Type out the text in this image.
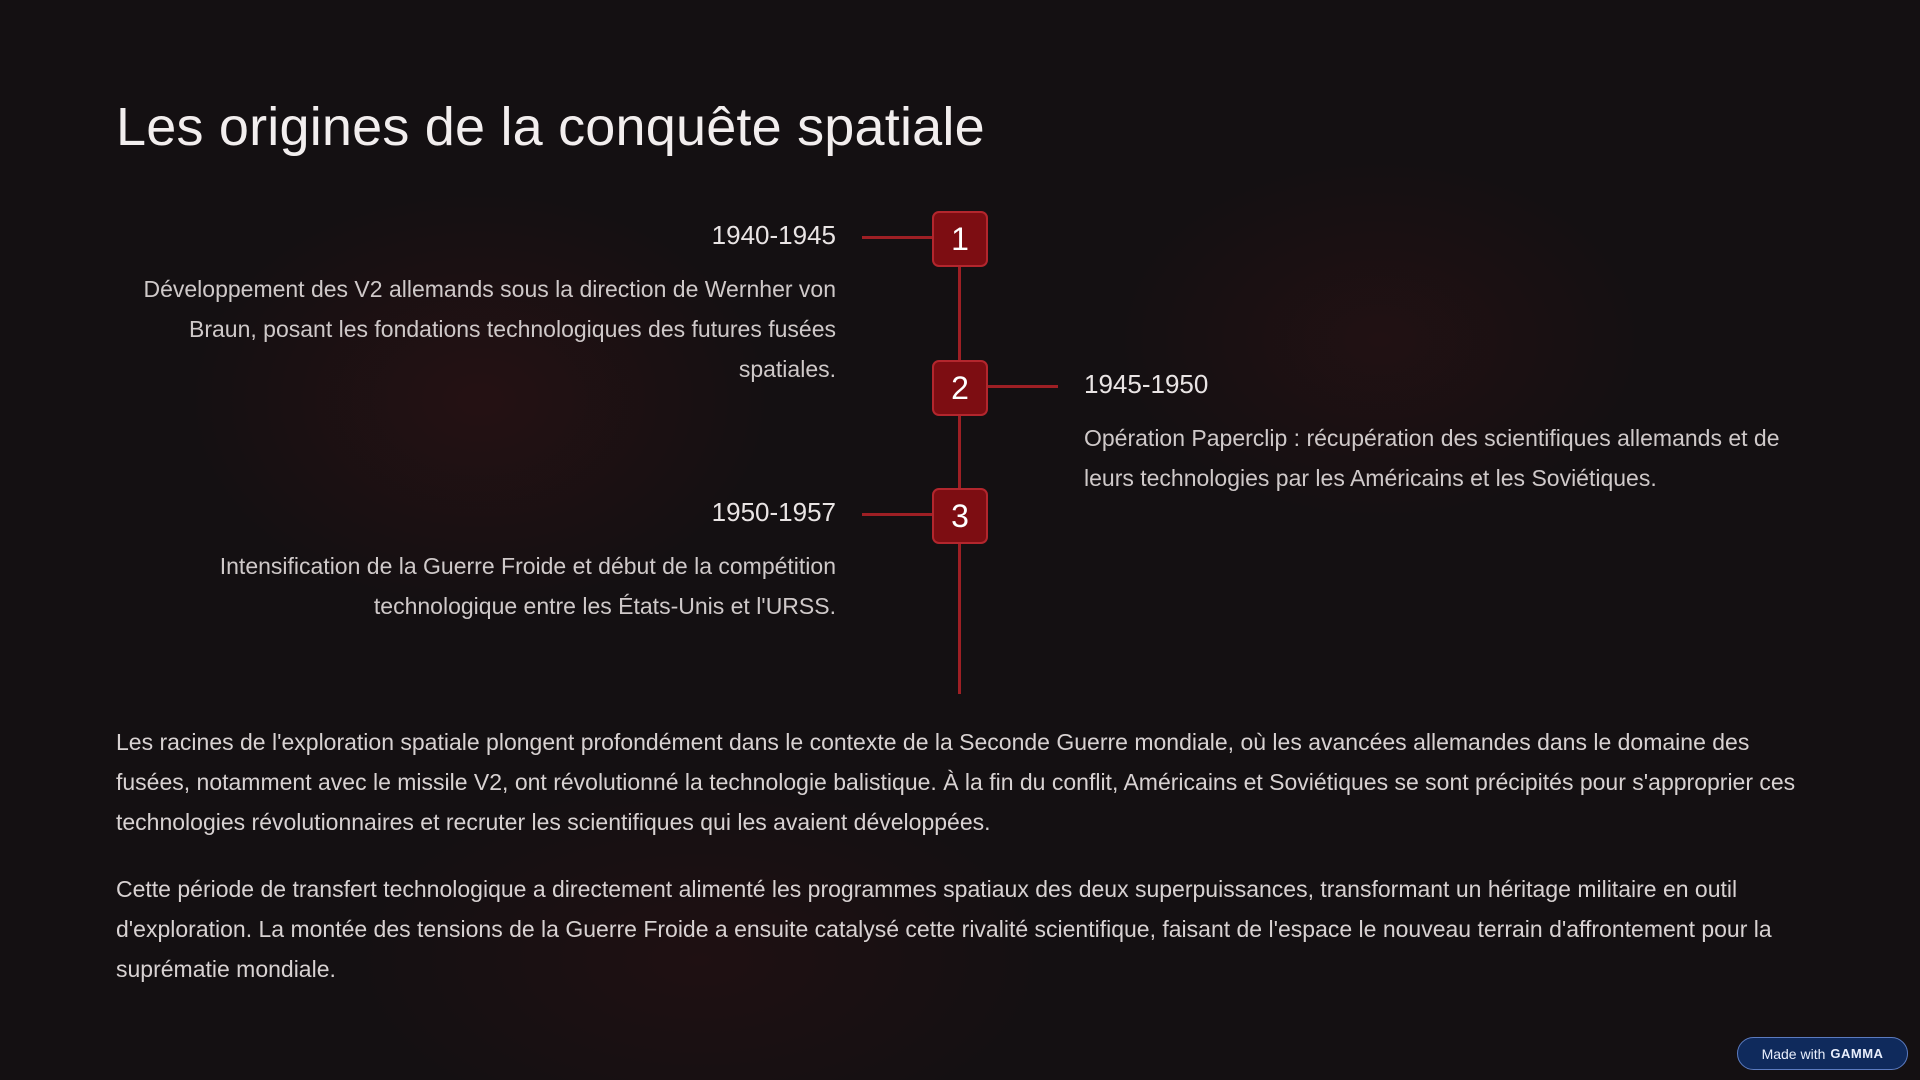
Les origines de la conquête spatiale
1
1940-1945
Développement des V2 allemands sous la direction de Wernher von Braun, posant les fondations technologiques des futures fusées spatiales.
2	1945-1950
Opération Paperclip : récupération des scientifiques allemands et de leurs technologies par les Américains et les Soviétiques.
3
1950-1957
Intensification de la Guerre Froide et début de la compétition technologique entre les États-Unis et l'URSS.

Les racines de l'exploration spatiale plongent profondément dans le contexte de la Seconde Guerre mondiale, où les avancées allemandes dans le domaine des fusées, notamment avec le missile V2, ont révolutionné la technologie balistique. À la fin du conflit, Américains et Soviétiques se sont précipités pour s'approprier ces technologies révolutionnaires et recruter les scientifiques qui les avaient développées.

Cette période de transfert technologique a directement alimenté les programmes spatiaux des deux superpuissances, transformant un héritage militaire en outil d'exploration. La montée des tensions de la Guerre Froide a ensuite catalysé cette rivalité scientifique, faisant de l'espace le nouveau terrain d'affrontement pour la suprématie mondiale.

Made with GAMMA
